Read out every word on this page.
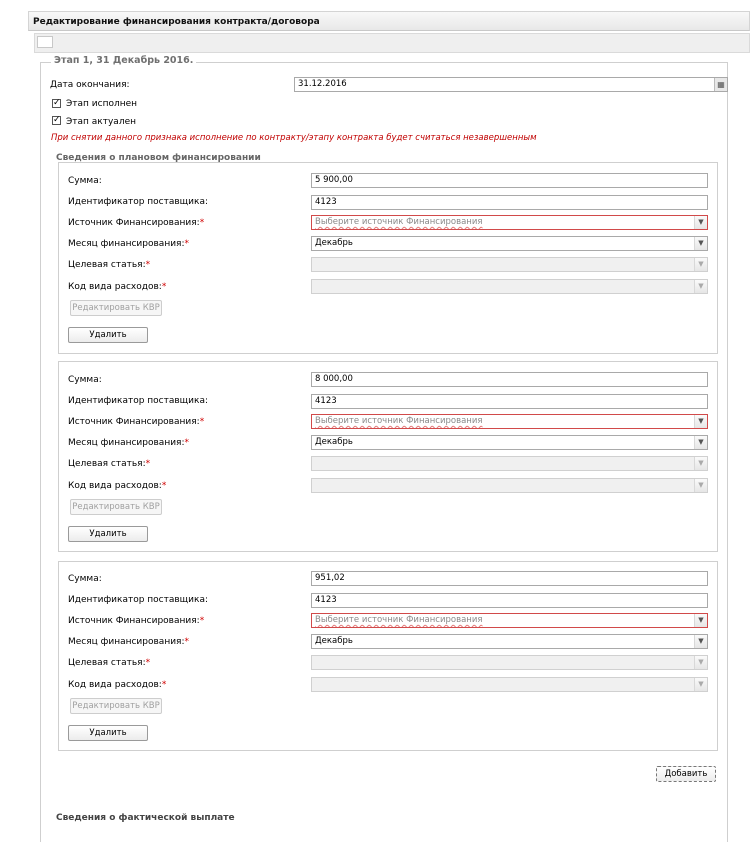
Редактирование финансирования контракта/договора
Этап 1, 31 Декабрь 2016.
Дата окончания:	31.12.2016	▦
✓ Этап исполнен
✓ Этап актуален
При снятии данного признака исполнение по контракту/этапу контракта будет считаться незавершенным
Сведения о плановом финансировании
Сумма:	5 900,00
Идентификатор поставщика:	4123
Источник Финансирования:*	Выберите источник Финансирования	▼
Месяц финансирования:*	Декабрь	▼
Целевая статья:*	▼
Код вида расходов:*	▼
Редактировать КВР
Удалить
Сумма:	8 000,00
Идентификатор поставщика:	4123
Источник Финансирования:*	Выберите источник Финансирования	▼
Месяц финансирования:*	Декабрь	▼
Целевая статья:*	▼
Код вида расходов:*	▼
Редактировать КВР
Удалить
Сумма:	951,02
Идентификатор поставщика:	4123
Источник Финансирования:*	Выберите источник Финансирования	▼
Месяц финансирования:*	Декабрь	▼
Целевая статья:*	▼
Код вида расходов:*	▼
Редактировать КВР
Удалить
Добавить
Сведения о фактической выплате
